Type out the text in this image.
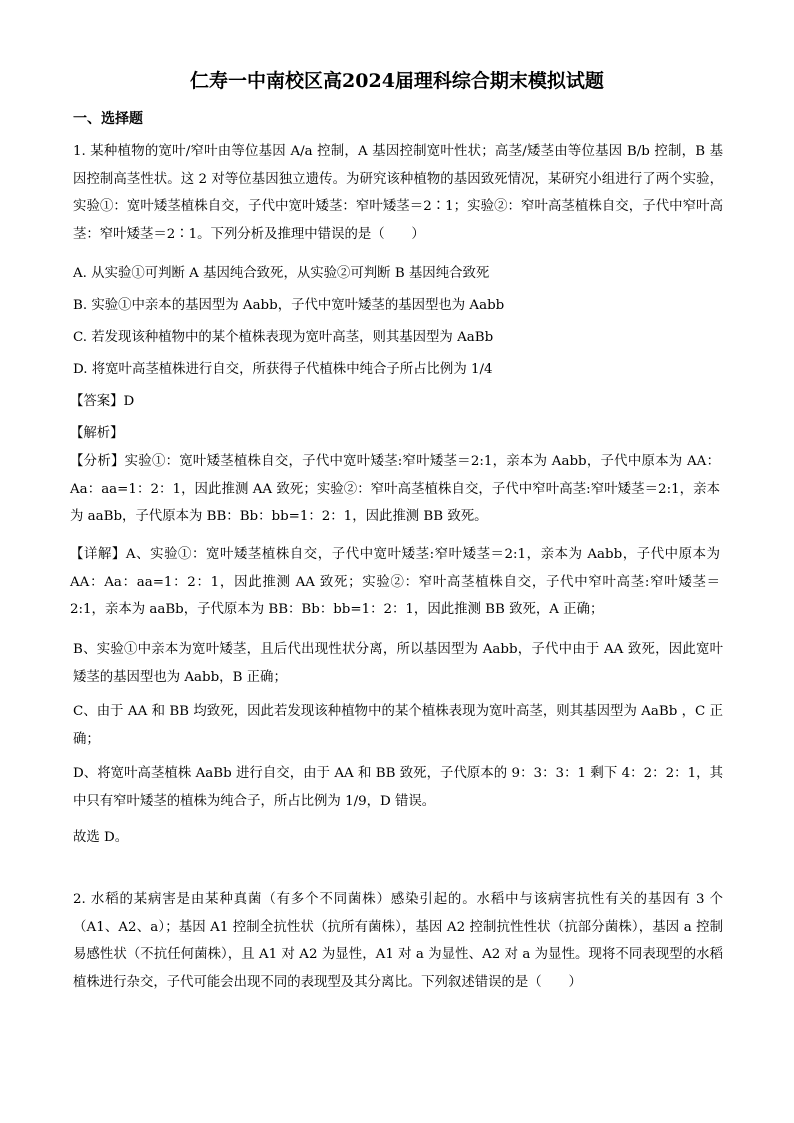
仁寿一中南校区高2024届理科综合期末模拟试题
一、选择题
1. 某种植物的宽叶/窄叶由等位基因 A/a 控制，A 基因控制宽叶性状；高茎/矮茎由等位基因 B/b 控制，B 基因控制高茎性状。这 2 对等位基因独立遗传。为研究该种植物的基因致死情况，某研究小组进行了两个实验，实验①：宽叶矮茎植株自交，子代中宽叶矮茎：窄叶矮茎＝2∶1；实验②：窄叶高茎植株自交，子代中窄叶高茎：窄叶矮茎＝2∶1。下列分析及推理中错误的是（　　）
A. 从实验①可判断 A 基因纯合致死，从实验②可判断 B 基因纯合致死
B. 实验①中亲本的基因型为 Aabb，子代中宽叶矮茎的基因型也为 Aabb
C. 若发现该种植物中的某个植株表现为宽叶高茎，则其基因型为 AaBb
D. 将宽叶高茎植株进行自交，所获得子代植株中纯合子所占比例为 1/4
【答案】D
【解析】
【分析】实验①：宽叶矮茎植株自交，子代中宽叶矮茎:窄叶矮茎＝2:1，亲本为 Aabb，子代中原本为 AA：Aa：aa=1：2：1，因此推测 AA 致死；实验②：窄叶高茎植株自交，子代中窄叶高茎:窄叶矮茎＝2:1，亲本为 aaBb，子代原本为 BB：Bb：bb=1：2：1，因此推测 BB 致死。
【详解】A、实验①：宽叶矮茎植株自交，子代中宽叶矮茎:窄叶矮茎＝2:1，亲本为 Aabb，子代中原本为 AA：Aa：aa=1：2：1，因此推测 AA 致死；实验②：窄叶高茎植株自交，子代中窄叶高茎:窄叶矮茎＝2:1，亲本为 aaBb，子代原本为 BB：Bb：bb=1：2：1，因此推测 BB 致死，A 正确；
B、实验①中亲本为宽叶矮茎，且后代出现性状分离，所以基因型为 Aabb，子代中由于 AA 致死，因此宽叶矮茎的基因型也为 Aabb，B 正确；
C、由于 AA 和 BB 均致死，因此若发现该种植物中的某个植株表现为宽叶高茎，则其基因型为 AaBb ，C 正确；
D、将宽叶高茎植株 AaBb 进行自交，由于 AA 和 BB 致死，子代原本的 9：3：3：1 剩下 4：2：2：1，其中只有窄叶矮茎的植株为纯合子，所占比例为 1/9，D 错误。
故选 D。
2. 水稻的某病害是由某种真菌（有多个不同菌株）感染引起的。水稻中与该病害抗性有关的基因有 3 个（A1、A2、a）；基因 A1 控制全抗性状（抗所有菌株），基因 A2 控制抗性性状（抗部分菌株），基因 a 控制易感性状（不抗任何菌株），且 A1 对 A2 为显性，A1 对 a 为显性、A2 对 a 为显性。现将不同表现型的水稻植株进行杂交，子代可能会出现不同的表现型及其分离比。下列叙述错误的是（　　）
